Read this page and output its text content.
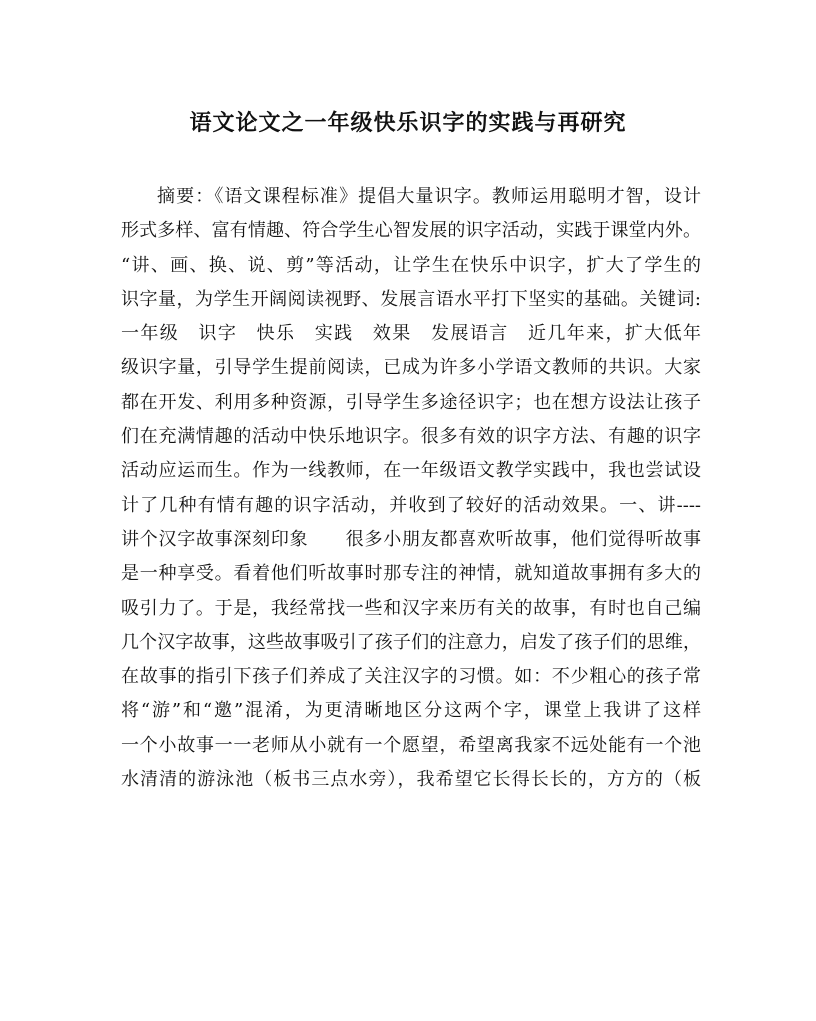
语文论文之一年级快乐识字的实践与再研究
摘要：《语文课程标准》提倡大量识字。教师运用聪明才智，设计
形式多样、富有情趣、符合学生心智发展的识字活动，实践于课堂内外。
“讲、画、换、说、剪”等活动，让学生在快乐中识字，扩大了学生的
识字量，为学生开阔阅读视野、发展言语水平打下坚实的基础。关键词:
一年级　识字　快乐　实践　效果　发展语言　近几年来，扩大低年
级识字量，引导学生提前阅读，已成为许多小学语文教师的共识。大家
都在开发、利用多种资源，引导学生多途径识字；也在想方设法让孩子
们在充满情趣的活动中快乐地识字。很多有效的识字方法、有趣的识字
活动应运而生。作为一线教师，在一年级语文教学实践中，我也尝试设
计了几种有情有趣的识字活动，并收到了较好的活动效果。一、讲----
讲个汉字故事深刻印象　　很多小朋友都喜欢听故事，他们觉得听故事
是一种享受。看着他们听故事时那专注的神情，就知道故事拥有多大的
吸引力了。于是，我经常找一些和汉字来历有关的故事，有时也自己编
几个汉字故事，这些故事吸引了孩子们的注意力，启发了孩子们的思维，
在故事的指引下孩子们养成了关注汉字的习惯。如：不少粗心的孩子常
将“游”和“邀”混淆，为更清晰地区分这两个字，课堂上我讲了这样
一个小故事一一老师从小就有一个愿望，希望离我家不远处能有一个池
水清清的游泳池（板书三点水旁），我希望它长得长长的，方方的（板
